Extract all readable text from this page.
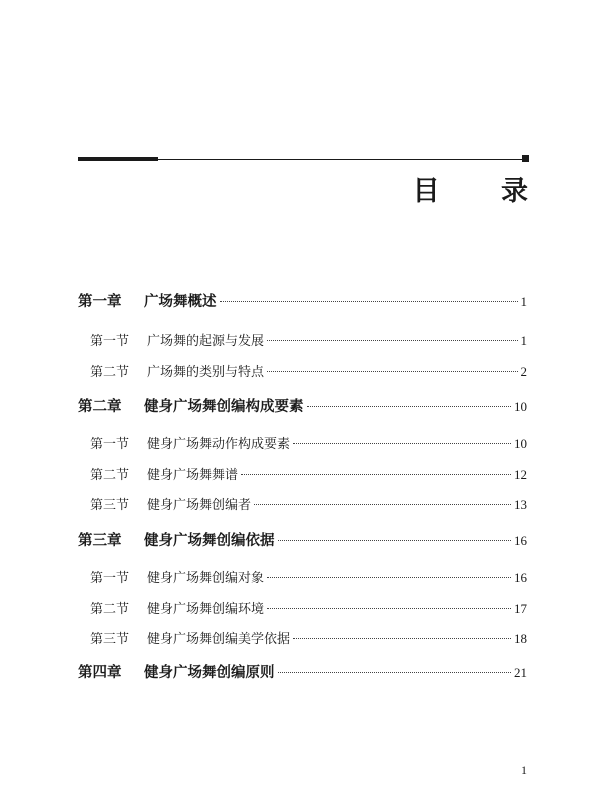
目 录
第一章	广场舞概述	1
第一节	广场舞的起源与发展	1
第二节	广场舞的类别与特点	2
第二章	健身广场舞创编构成要素	10
第一节	健身广场舞动作构成要素	10
第二节	健身广场舞舞谱	12
第三节	健身广场舞创编者	13
第三章	健身广场舞创编依据	16
第一节	健身广场舞创编对象	16
第二节	健身广场舞创编环境	17
第三节	健身广场舞创编美学依据	18
第四章	健身广场舞创编原则	21
1
